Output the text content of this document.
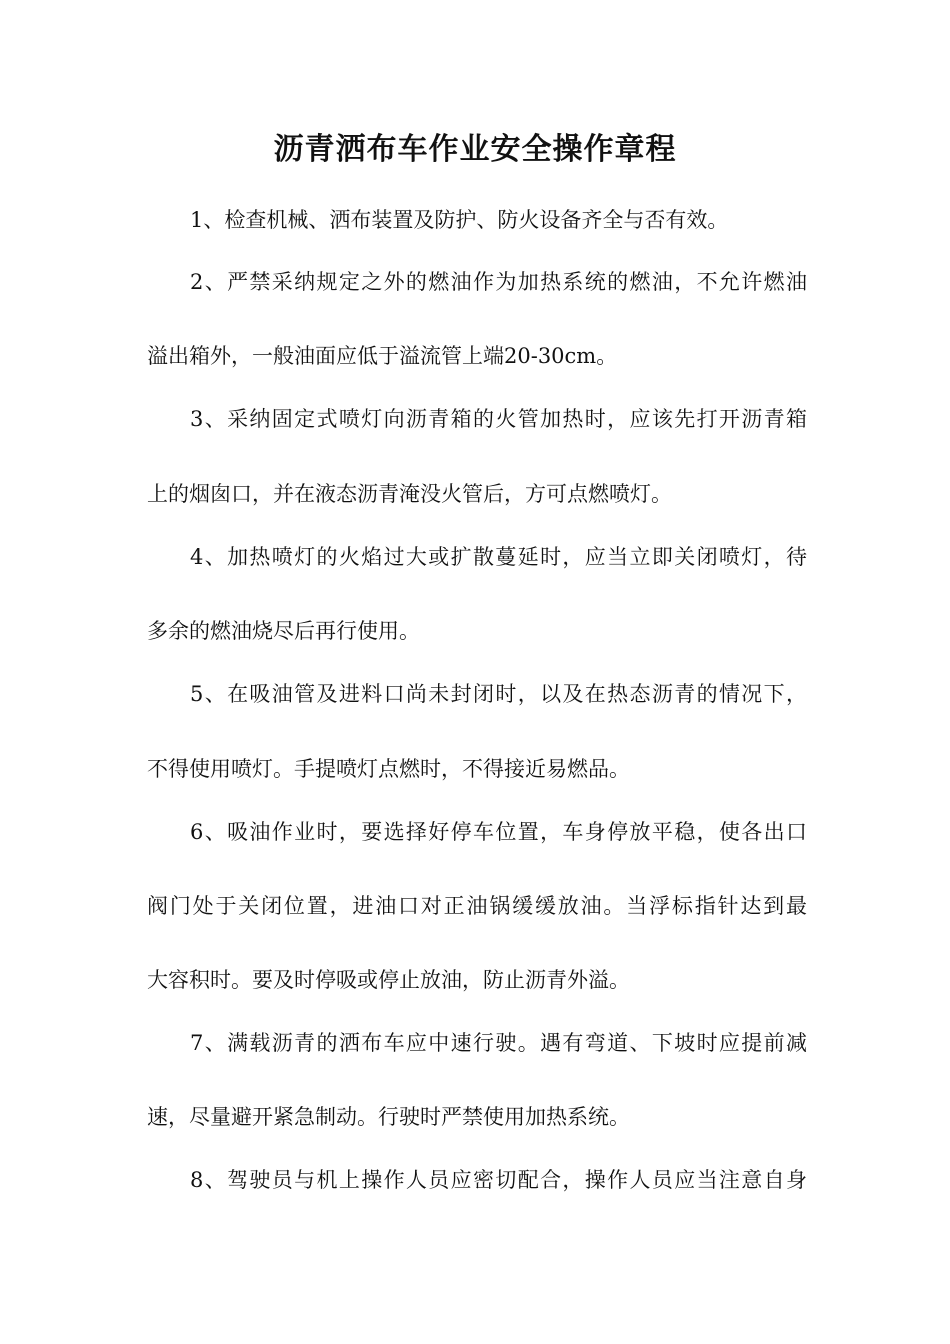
沥青洒布车作业安全操作章程

1、检查机械、洒布装置及防护、防火设备齐全与否有效。

2、严禁采纳规定之外的燃油作为加热系统的燃油，不允许燃油

溢出箱外，一般油面应低于溢流管上端20-30cm。

3、采纳固定式喷灯向沥青箱的火管加热时，应该先打开沥青箱

上的烟囱口，并在液态沥青淹没火管后，方可点燃喷灯。

4、加热喷灯的火焰过大或扩散蔓延时，应当立即关闭喷灯，待

多余的燃油烧尽后再行使用。

5、在吸油管及进料口尚未封闭时，以及在热态沥青的情况下，

不得使用喷灯。手提喷灯点燃时，不得接近易燃品。

6、吸油作业时，要选择好停车位置，车身停放平稳，使各出口

阀门处于关闭位置，进油口对正油锅缓缓放油。当浮标指针达到最

大容积时。要及时停吸或停止放油，防止沥青外溢。

7、满载沥青的洒布车应中速行驶。遇有弯道、下坡时应提前减

速，尽量避开紧急制动。行驶时严禁使用加热系统。

8、驾驶员与机上操作人员应密切配合，操作人员应当注意自身
